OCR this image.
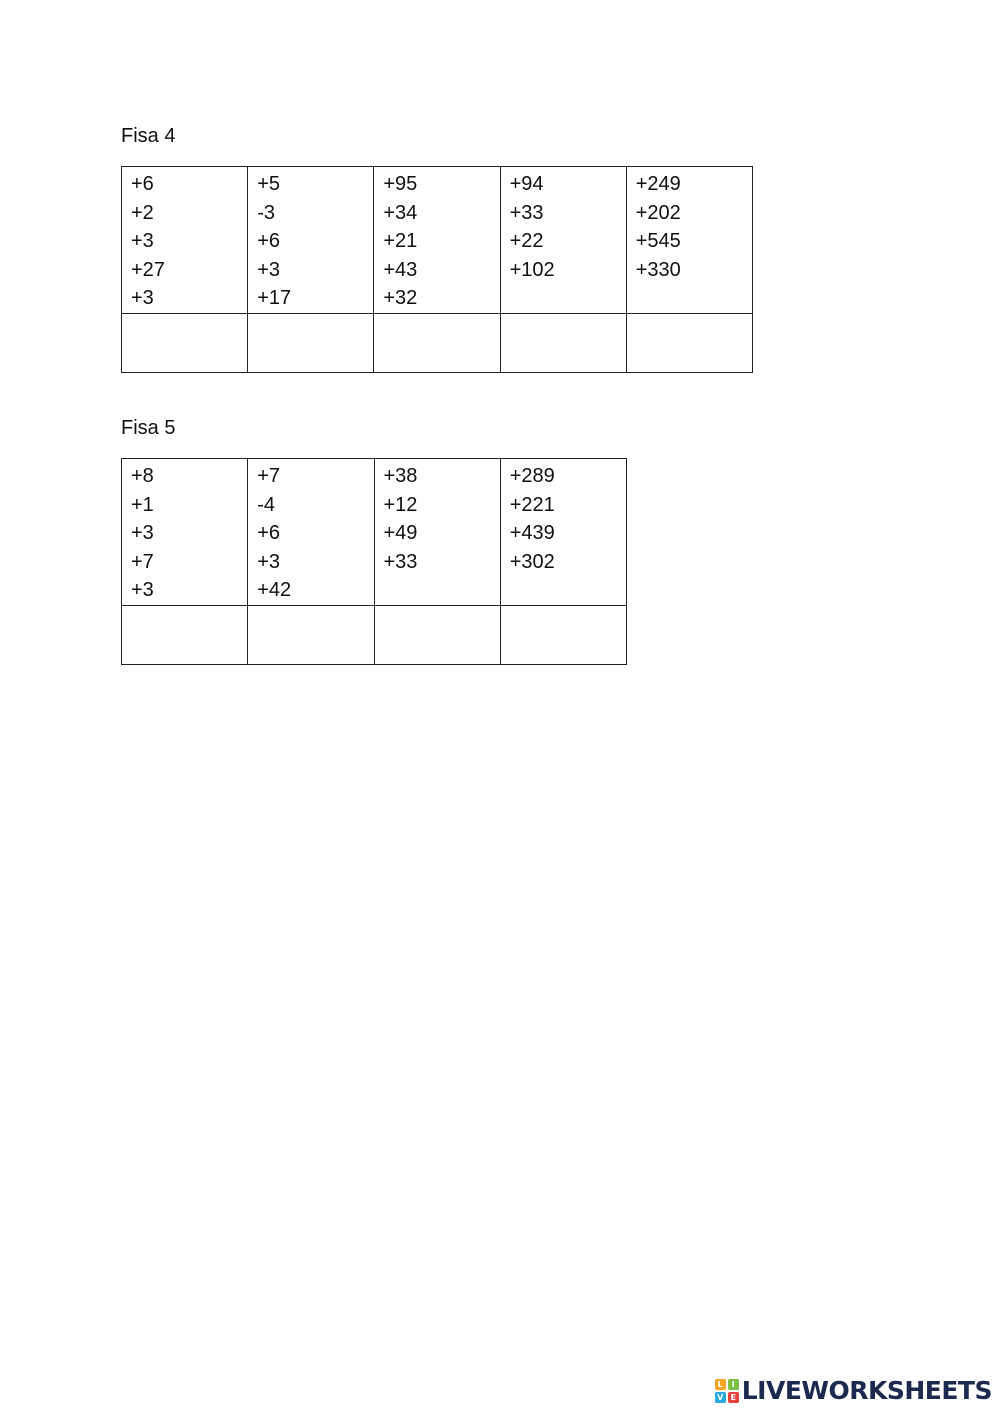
Fisa 4
+6
+2
+3
+27
+3	+5
-3
+6
+3
+17	+95
+34
+21
+43
+32	+94
+33
+22
+102	+249
+202
+545
+330

Fisa 5
+8
+1
+3
+7
+3	+7
-4
+6
+3
+42	+38
+12
+49
+33	+289
+221
+439
+302

L	I
V E LIVEWORKSHEETS
